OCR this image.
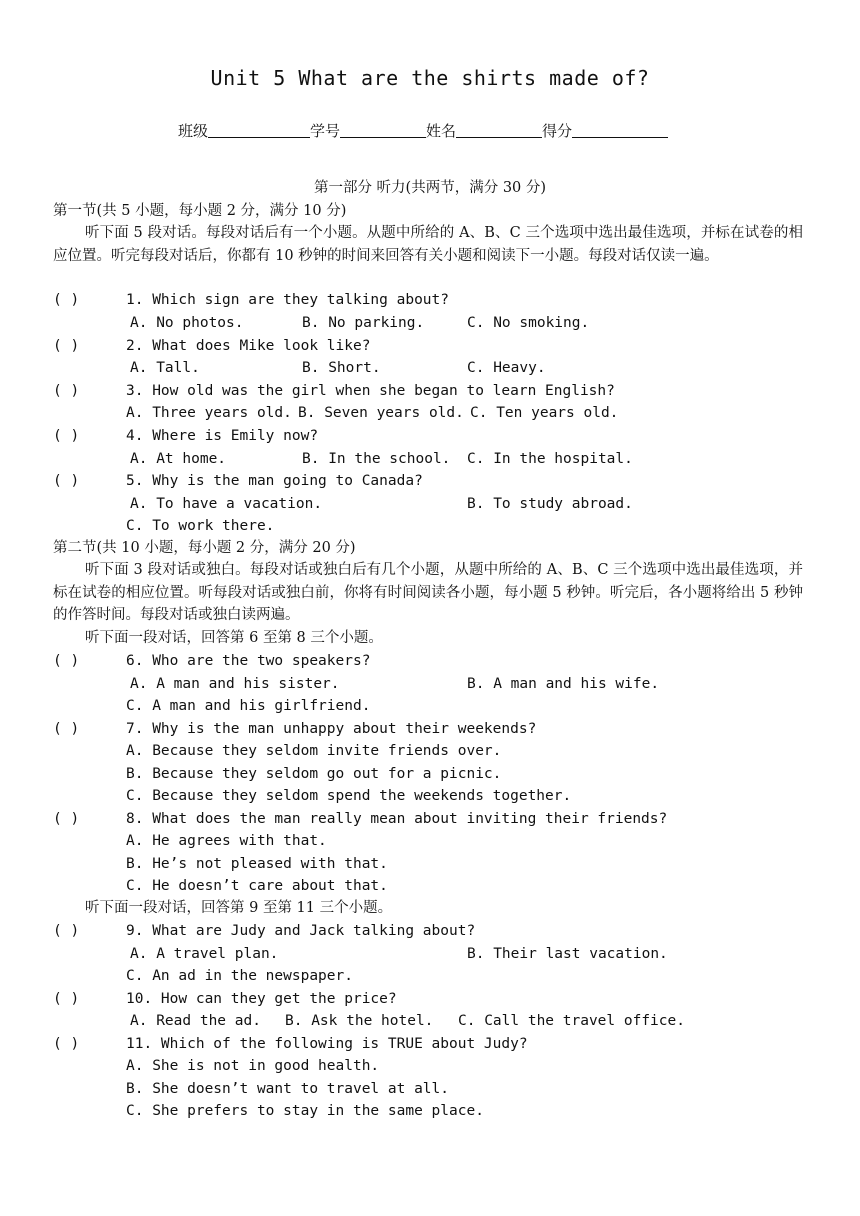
Unit 5 What are the shirts made of?
班级	学号	姓名	得分
第一部分 听力(共两节，满分 30 分)
第一节(共 5 小题，每小题 2 分，满分 10 分)
听下面 5 段对话。每段对话后有一个小题。从题中所给的 A、B、C 三个选项中选出最佳选项，并标在试卷的相应位置。听完每段对话后，你都有 10 秒钟的时间来回答有关小题和阅读下一小题。每段对话仅读一遍。
( )	1. Which sign are they talking about?
A. No photos.	B. No parking.	C. No smoking.
( )	2. What does Mike look like?
A. Tall.	B. Short.	C. Heavy.
( )	3. How old was the girl when she began to learn English?
A. Three years old. B. Seven years old. C. Ten years old.
( )	4. Where is Emily now?
A. At home.	B. In the school. C. In the hospital.
( )	5. Why is the man going to Canada?
A. To have a vacation.	B. To study abroad.
C. To work there.
第二节(共 10 小题，每小题 2 分，满分 20 分)
听下面 3 段对话或独白。每段对话或独白后有几个小题，从题中所给的 A、B、C 三个选项中选出最佳选项，并标在试卷的相应位置。听每段对话或独白前，你将有时间阅读各小题，每小题 5 秒钟。听完后，各小题将给出 5 秒钟的作答时间。每段对话或独白读两遍。
听下面一段对话，回答第 6 至第 8 三个小题。
( )	6. Who are the two speakers?
A. A man and his sister.	B. A man and his wife.
C. A man and his girlfriend.
( )	7. Why is the man unhappy about their weekends?
A. Because they seldom invite friends over.
B. Because they seldom go out for a picnic.
C. Because they seldom spend the weekends together.
( )	8. What does the man really mean about inviting their friends?
A. He agrees with that.
B. He’s not pleased with that.
C. He doesn’t care about that.
听下面一段对话，回答第 9 至第 11 三个小题。
( )	9. What are Judy and Jack talking about?
A. A travel plan.	B. Their last vacation.
C. An ad in the newspaper.
( )	10. How can they get the price?
A. Read the ad. B. Ask the hotel. C. Call the travel office.
( )	11. Which of the following is TRUE about Judy?
A. She is not in good health.
B. She doesn’t want to travel at all.
C. She prefers to stay in the same place.
